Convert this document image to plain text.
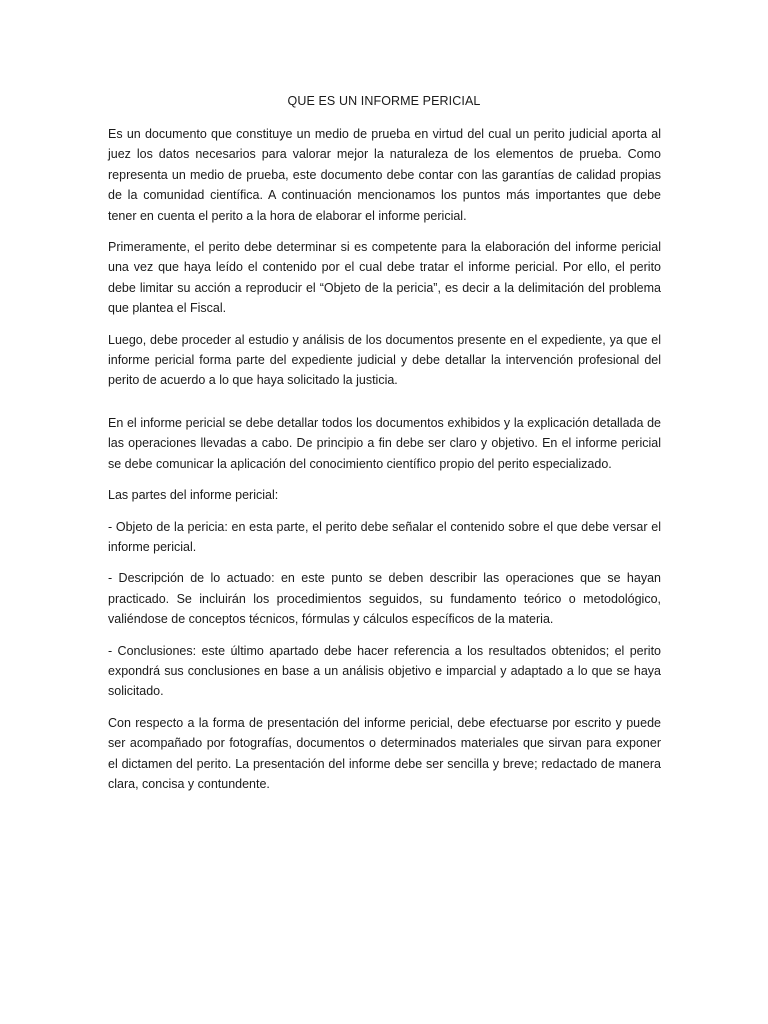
QUE ES UN INFORME PERICIAL

Es un documento que constituye un medio de prueba en virtud del cual un perito judicial aporta al juez los datos necesarios para valorar mejor la naturaleza de los elementos de prueba. Como representa un medio de prueba, este documento debe contar con las garantías de calidad propias de la comunidad científica. A continuación mencionamos los puntos más importantes que debe tener en cuenta el perito a la hora de elaborar el informe pericial.

Primeramente, el perito debe determinar si es competente para la elaboración del informe pericial una vez que haya leído el contenido por el cual debe tratar el informe pericial. Por ello, el perito debe limitar su acción a reproducir el “Objeto de la pericia”, es decir a la delimitación del problema que plantea el Fiscal.

Luego, debe proceder al estudio y análisis de los documentos presente en el expediente, ya que el informe pericial forma parte del expediente judicial y debe detallar la intervención profesional del perito de acuerdo a lo que haya solicitado la justicia.

En el informe pericial se debe detallar todos los documentos exhibidos y la explicación detallada de las operaciones llevadas a cabo. De principio a fin debe ser claro y objetivo. En el informe pericial se debe comunicar la aplicación del conocimiento científico propio del perito especializado.

Las partes del informe pericial:

- Objeto de la pericia: en esta parte, el perito debe señalar el contenido sobre el que debe versar el informe pericial.

- Descripción de lo actuado: en este punto se deben describir las operaciones que se hayan practicado. Se incluirán los procedimientos seguidos, su fundamento teórico o metodológico, valiéndose de conceptos técnicos, fórmulas y cálculos específicos de la materia.

- Conclusiones: este último apartado debe hacer referencia a los resultados obtenidos; el perito expondrá sus conclusiones en base a un análisis objetivo e imparcial y adaptado a lo que se haya solicitado.

Con respecto a la forma de presentación del informe pericial, debe efectuarse por escrito y puede ser acompañado por fotografías, documentos o determinados materiales que sirvan para exponer el dictamen del perito. La presentación del informe debe ser sencilla y breve; redactado de manera clara, concisa y contundente.
